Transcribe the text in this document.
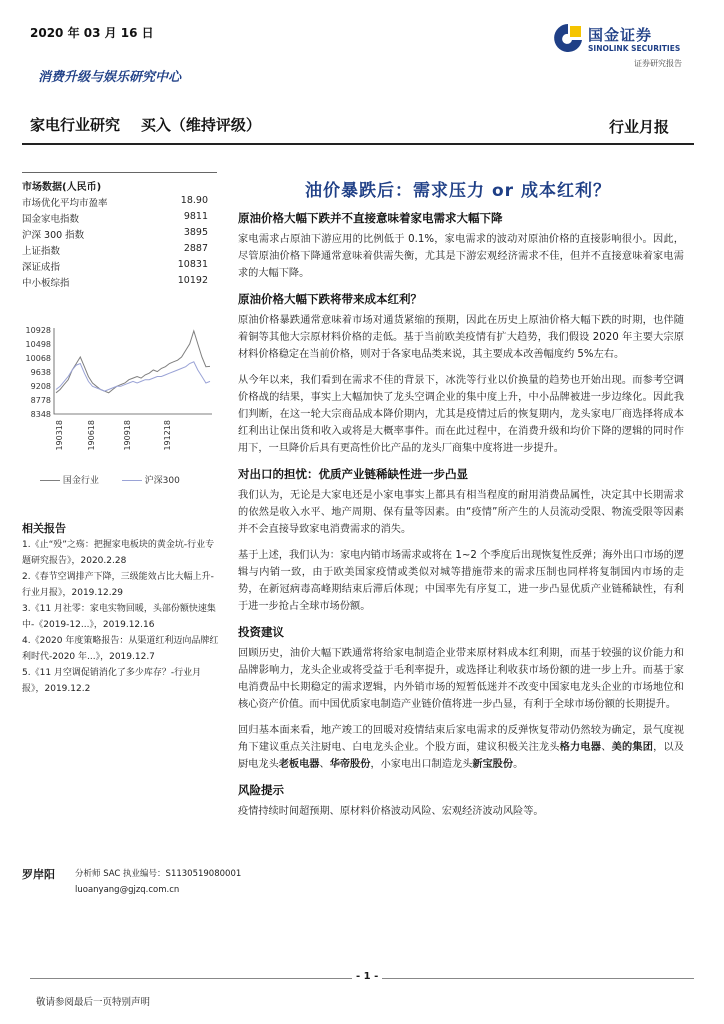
2020 年 03 月 16 日	国金证券
SINOLINK SECURITIES
证券研究报告
消费升级与娱乐研究中心
家电行业研究    买入（维持评级）	行业月报
市场数据(人民币)
市场优化平均市盈率	18.90
国金家电指数	9811
沪深 300 指数	3895
上证指数	2887
深证成指	10831
中小板综指	10192
10928
10498
10068
9638
9208
8778
8348
190318	190618	190918	191218
国金行业	沪深300
相关报告

1.《止“殁”之殇：把握家电板块的黄金坑-行业专题研究报告》，2020.2.28

2.《春节空调排产下降，三级能效占比大幅上升-行业月报》，2019.12.29

3.《11 月社零：家电实物回暖，头部份额快速集中-《2019-12...》，2019.12.16

4.《2020 年度策略报告：从渠道红利迈向品牌红利时代-2020 年...》，2019.12.7

5.《11 月空调促销消化了多少库存？-行业月报》，2019.12.2

油价暴跌后：需求压力 or 成本红利？
原油价格大幅下跌并不直接意味着家电需求大幅下降

家电需求占原油下游应用的比例低于 0.1%，家电需求的波动对原油价格的直接影响很小。因此，尽管原油价格下降通常意味着供需失衡，尤其是下游宏观经济需求不佳，但并不直接意味着家电需求的大幅下降。

原油价格大幅下跌将带来成本红利？

原油价格暴跌通常意味着市场对通货紧缩的预期，因此在历史上原油价格大幅下跌的时期，也伴随着铜等其他大宗原材料价格的走低。基于当前欧美疫情有扩大趋势，我们假设 2020 年主要大宗原材料价格稳定在当前价格，则对于各家电品类来说，其主要成本改善幅度约 5%左右。

从今年以来，我们看到在需求不佳的背景下，冰洗等行业以价换量的趋势也开始出现。而参考空调价格战的结果，事实上大幅加快了龙头空调企业的集中度上升，中小品牌被进一步边缘化。因此我们判断，在这一轮大宗商品成本降价期内，尤其是疫情过后的恢复期内，龙头家电厂商选择将成本红利出让保出货和收入或将是大概率事件。而在此过程中，在消费升级和均价下降的逻辑的同时作用下，一旦降价后具有更高性价比产品的龙头厂商集中度将进一步提升。

对出口的担忧：优质产业链稀缺性进一步凸显

我们认为，无论是大家电还是小家电事实上都具有相当程度的耐用消费品属性，决定其中长期需求的依然是收入水平、地产周期、保有量等因素。由“疫情”所产生的人员流动受限、物流受限等因素并不会直接导致家电消费需求的消失。

基于上述，我们认为：家电内销市场需求或将在 1~2 个季度后出现恢复性反弹；海外出口市场的逻辑与内销一致，由于欧美国家疫情或类似对城等措施带来的需求压制也同样将复制国内市场的走势，在新冠病毒高峰期结束后滞后体现；中国率先有序复工，进一步凸显优质产业链稀缺性，有利于进一步抢占全球市场份额。

投资建议

回顾历史，油价大幅下跌通常将给家电制造企业带来原材料成本红利期，而基于较强的议价能力和品牌影响力，龙头企业或将受益于毛利率提升，或选择让利收获市场份额的进一步上升。而基于家电消费品中长期稳定的需求逻辑，内外销市场的短暂低迷并不改变中国家电龙头企业的市场地位和核心资产价值。而中国优质家电制造产业链价值将进一步凸显，有利于全球市场份额的长期提升。

回归基本面来看，地产竣工的回暖对疫情结束后家电需求的反弹恢复带动仍然较为确定，景气度视角下建议重点关注厨电、白电龙头企业。个股方面，建议积极关注龙头格力电器、美的集团，以及厨电龙头老板电器、华帝股份，小家电出口制造龙头新宝股份。

风险提示

疫情持续时间超预期、原材料价格波动风险、宏观经济波动风险等。

罗岸阳 分析师 SAC 执业编号：S1130519080001
luoanyang@gjzq.com.cn
- 1 -
敬请参阅最后一页特别声明
